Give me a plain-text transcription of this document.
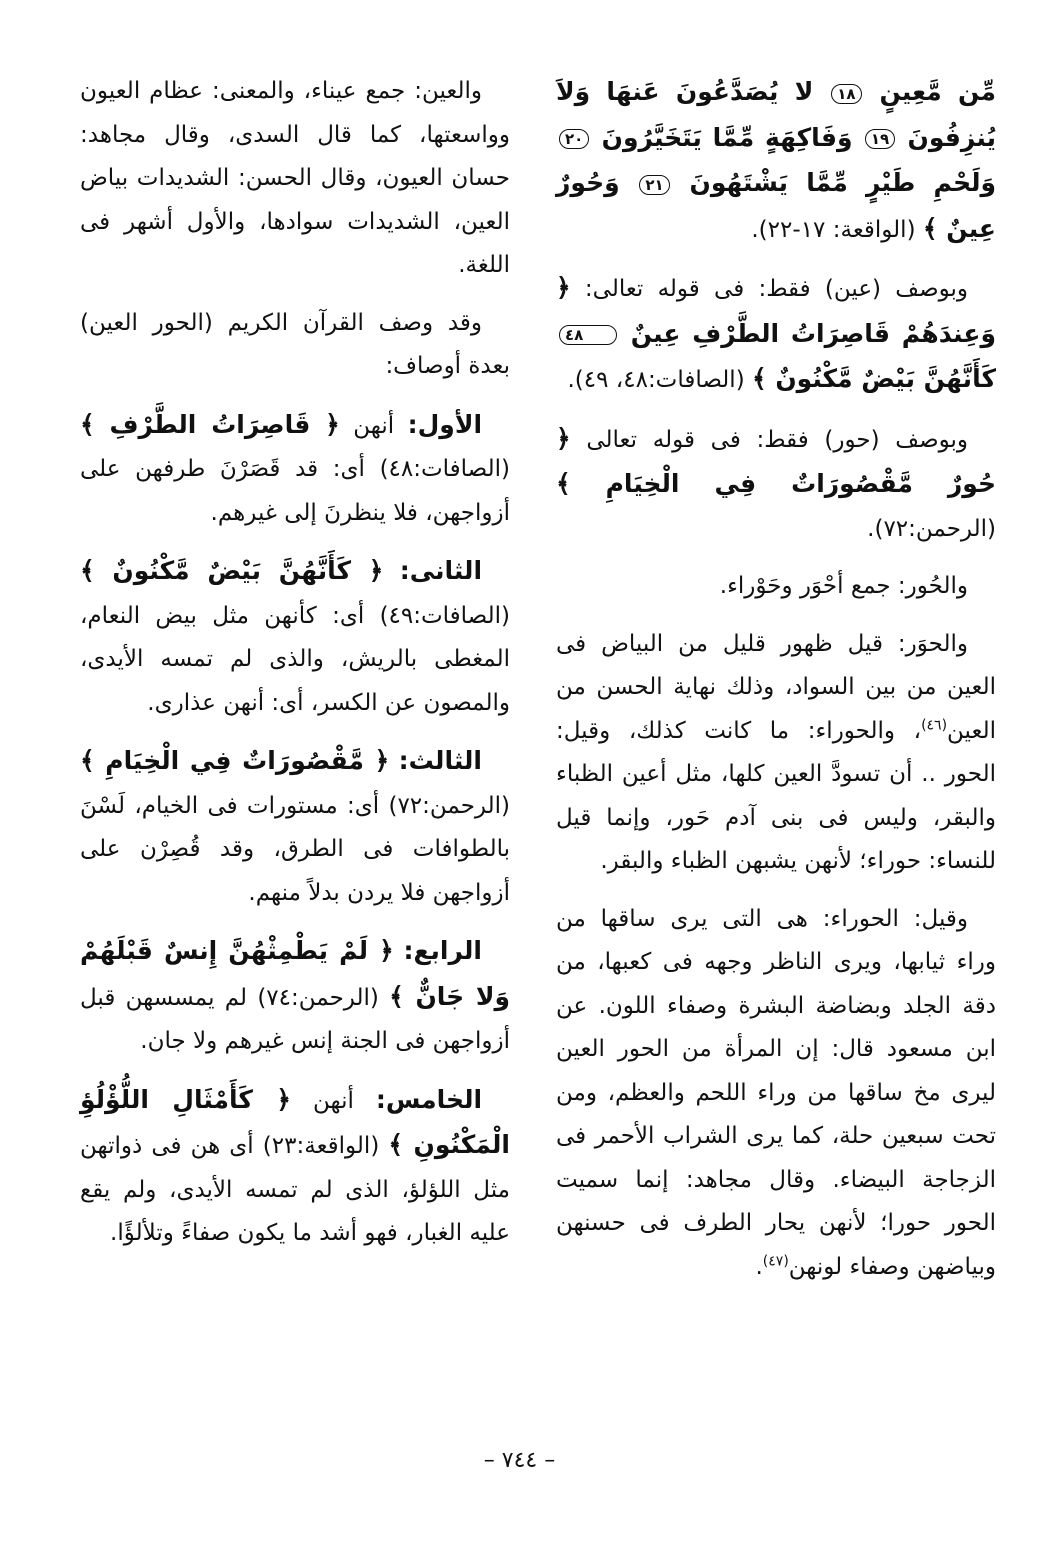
مِّن مَّعِينٍ ١٨ لا يُصَدَّعُونَ عَنهَا وَلاَ يُنزِفُونَ ١٩ وَفَاكِهَةٍ مِّمَّا يَتَخَيَّرُونَ ٢٠ وَلَحْمِ طَيْرٍ مِّمَّا يَشْتَهُونَ ٢١ وَحُورٌ عِينٌ ﴾ (الواقعة: ١٧-٢٢).

وبوصف (عين) فقط: فى قوله تعالى: ﴿ وَعِندَهُمْ قَاصِرَاتُ الطَّرْفِ عِينٌ ٤٨ كَأَنَّهُنَّ بَيْضٌ مَّكْنُونٌ ﴾ (الصافات:٤٨، ٤٩).

وبوصف (حور) فقط: فى قوله تعالى ﴿ حُورٌ مَّقْصُورَاتٌ فِي الْخِيَامِ ﴾ (الرحمن:٧٢).

والحُور: جمع أحْوَر وحَوْراء.

والحوَر: قيل ظهور قليل من البياض فى العين من بين السواد، وذلك نهاية الحسن من العين$^{(٤٦)}$، والحوراء: ما كانت كذلك، وقيل: الحور .. أن تسودَّ العين كلها، مثل أعين الظباء والبقر، وليس فى بنى آدم حَور، وإنما قيل للنساء: حوراء؛ لأنهن يشبهن الظباء والبقر.

وقيل: الحوراء: هى التى يرى ساقها من وراء ثيابها، ويرى الناظر وجهه فى كعبها، من دقة الجلد وبضاضة البشرة وصفاء اللون. عن ابن مسعود قال: إن المرأة من الحور العين ليرى مخ ساقها من وراء اللحم والعظم، ومن تحت سبعين حلة، كما يرى الشراب الأحمر فى الزجاجة البيضاء. وقال مجاهد: إنما سميت الحور حورا؛ لأنهن يحار الطرف فى حسنهن وبياضهن وصفاء لونهن$^{(٤٧)}$.

والعين: جمع عيناء، والمعنى: عظام العيون وواسعتها، كما قال السدى، وقال مجاهد: حسان العيون، وقال الحسن: الشديدات بياض العين، الشديدات سوادها، والأول أشهر فى اللغة.

وقد وصف القرآن الكريم (الحور العين) بعدة أوصاف:

الأول: أنهن ﴿ قَاصِرَاتُ الطَّرْفِ ﴾ (الصافات:٤٨) أى: قد قَصَرْنَ طرفهن على أزواجهن، فلا ينظرنَ إلى غيرهم.

الثانى: ﴿ كَأَنَّهُنَّ بَيْضٌ مَّكْنُونٌ ﴾ (الصافات:٤٩) أى: كأنهن مثل بيض النعام، المغطى بالريش، والذى لم تمسه الأيدى، والمصون عن الكسر، أى: أنهن عذارى.

الثالث: ﴿ مَّقْصُورَاتٌ فِي الْخِيَامِ ﴾ (الرحمن:٧٢) أى: مستورات فى الخيام، لَسْنَ بالطوافات فى الطرق، وقد قُصِرْن على أزواجهن فلا يردن بدلاً منهم.

الرابع: ﴿ لَمْ يَطْمِثْهُنَّ إِنسٌ قَبْلَهُمْ وَلا جَانٌّ ﴾ (الرحمن:٧٤) لم يمسسهن قبل أزواجهن فى الجنة إنس غيرهم ولا جان.

الخامس: أنهن ﴿ كَأَمْثَالِ اللُّؤْلُؤِ الْمَكْنُونِ ﴾ (الواقعة:٢٣) أى هن فى ذواتهن مثل اللؤلؤ، الذى لم تمسه الأيدى، ولم يقع عليه الغبار، فهو أشد ما يكون صفاءً وتلألؤًا.

– ٧٤٤ –
